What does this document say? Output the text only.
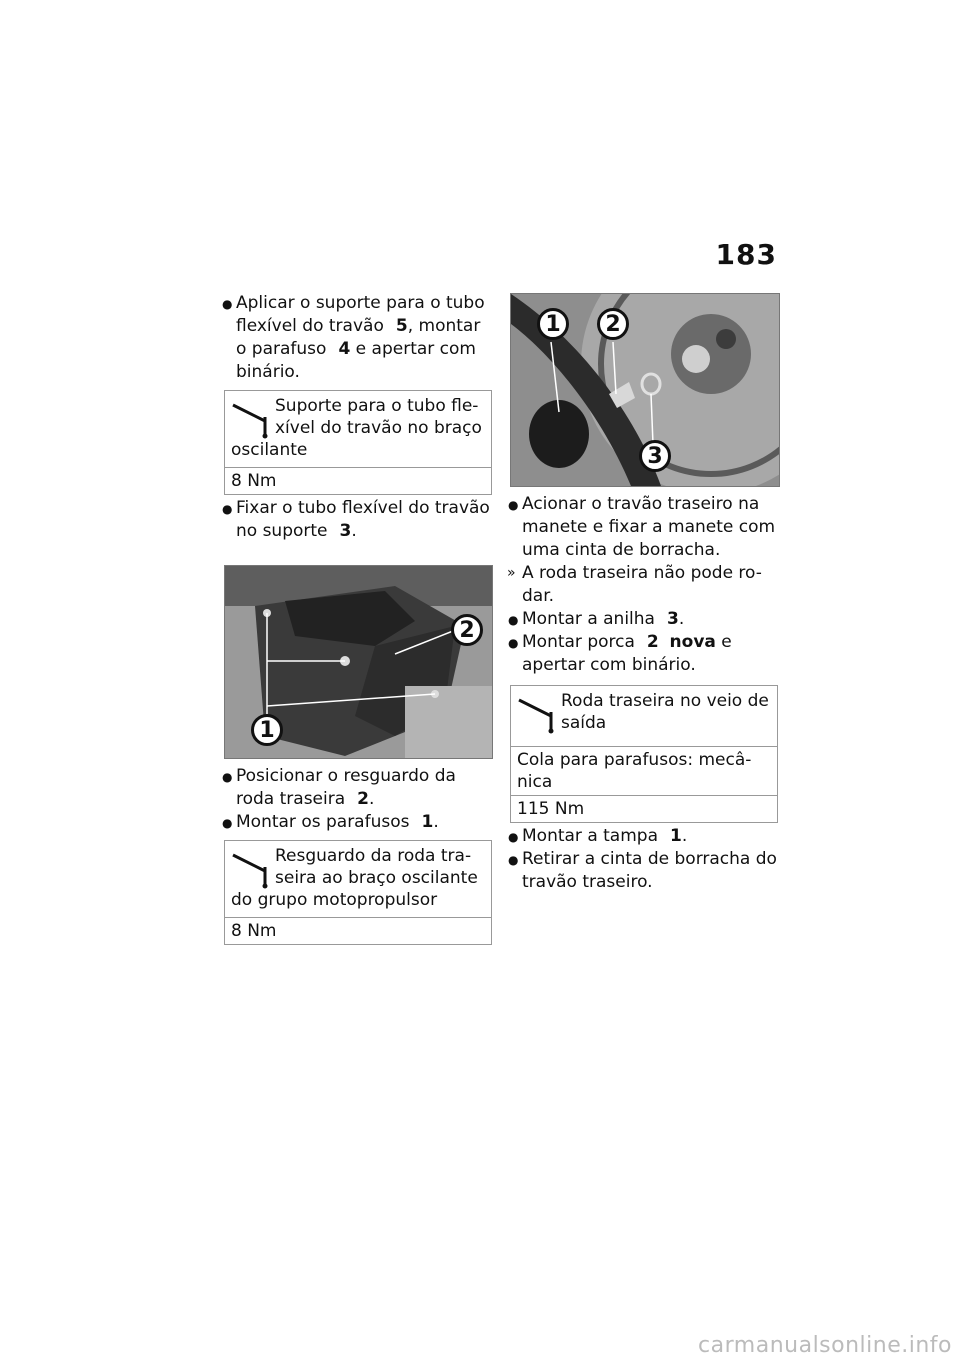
183
● Aplicar o suporte para o tubo
flexível do travão 5, montar
o parafuso 4 e apertar com
binário.
Suporte para o tubo fle-
xível do travão no braço
oscilante
8 Nm
● Fixar o tubo flexível do travão
no suporte 3.
1
2
● Posicionar o resguardo da
roda traseira 2.
● Montar os parafusos 1.
Resguardo da roda tra-
seira ao braço oscilante
do grupo motopropulsor
8 Nm
1	2
3
● Acionar o travão traseiro na
manete e fixar a manete com
uma cinta de borracha.
» A roda traseira não pode ro-
dar.
● Montar a anilha 3.
● Montar porca 2 nova e
apertar com binário.
Roda traseira no veio de
saída
Cola para parafusos: mecâ-
nica
115 Nm
● Montar a tampa 1.
● Retirar a cinta de borracha do
travão traseiro.
carmanualsonline.info
